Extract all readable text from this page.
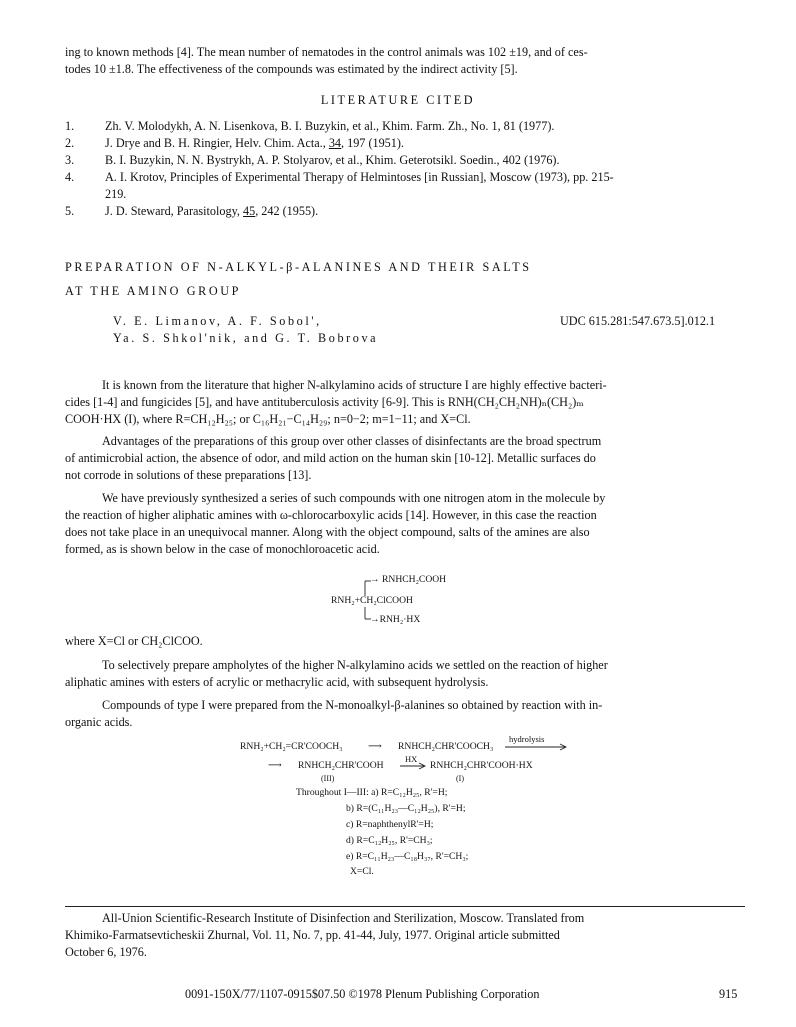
ing to known methods [4]. The mean number of nematodes in the control animals was 102 ±19, and of ces-
todes 10 ±1.8. The effectiveness of the compounds was estimated by the indirect activity [5].
LITERATURE CITED
1.	Zh. V. Molodykh, A. N. Lisenkova, B. I. Buzykin, et al., Khim. Farm. Zh., No. 1, 81 (1977).
2.	J. Drye and B. H. Ringier, Helv. Chim. Acta., 34, 197 (1951).
3.	B. I. Buzykin, N. N. Bystrykh, A. P. Stolyarov, et al., Khim. Geterotsikl. Soedin., 402 (1976).
4.	A. I. Krotov, Principles of Experimental Therapy of Helmintoses [in Russian], Moscow (1973), pp. 215-
219.
5.	J. D. Steward, Parasitology, 45, 242 (1955).
PREPARATION OF N-ALKYL-β-ALANINES AND THEIR SALTS
AT THE AMINO GROUP
V. E. Limanov, A. F. Sobol',
Ya. S. Shkol'nik, and G. T. Bobrova
UDC 615.281:547.673.5].012.1
It is known from the literature that higher N-alkylamino acids of structure I are highly effective bacteri-
cides [1-4] and fungicides [5], and have antituberculosis activity [6-9]. This is RNH(CH₂CH₂NH)ₙ(CH₂)ₘ
COOH·HX (I), where R=CH₁₂H₂₅; or C₁₆H₂₁−C₁₄H₂₉; n=0−2; m=1−11; and X=Cl.
Advantages of the preparations of this group over other classes of disinfectants are the broad spectrum
of antimicrobial action, the absence of odor, and mild action on the human skin [10-12]. Metallic surfaces do
not corrode in solutions of these preparations [13].
We have previously synthesized a series of such compounds with one nitrogen atom in the molecule by
the reaction of higher aliphatic amines with ω-chlorocarboxylic acids [14]. However, in this case the reaction
does not take place in an unequivocal manner. Along with the object compound, salts of the amines are also
formed, as is shown below in the case of monochloroacetic acid.
→ RNHCH₂COOH
RNH₂+CH₂ClCOOH
→RNH₂·HX
where X=Cl or CH₂ClCOO.
To selectively prepare ampholytes of the higher N-alkylamino acids we settled on the reaction of higher
aliphatic amines with esters of acrylic or methacrylic acid, with subsequent hydrolysis.
Compounds of type I were prepared from the N-monoalkyl-β-alanines so obtained by reaction with in-
organic acids.
RNH₂+CH₂=CR'COOCH₃	⟶ RNHCH₂CHR'COOCH₃
hydrolysis
⟶ RNHCH₂CHR'COOH
(III)
HX
RNHCH₂CHR'COOH·HX
(I)
Throughout I—III: a) R=C₁₂H₂₅, R'=H;
b) R=(C₁₁H₂₃—C₁₂H₂₅), R'=H;
c) R=naphthenylR'=H;
d) R=C₁₂H₂₅, R'=CH₃;
e) R=C₁₁H₂₃—C₁₈H₃₇, R'=CH₃;
X=Cl.
All-Union Scientific-Research Institute of Disinfection and Sterilization, Moscow. Translated from
Khimiko-Farmatsevticheskii Zhurnal, Vol. 11, No. 7, pp. 41-44, July, 1977. Original article submitted
October 6, 1976.
0091-150X/77/1107-0915$07.50 ©1978 Plenum Publishing Corporation	915
